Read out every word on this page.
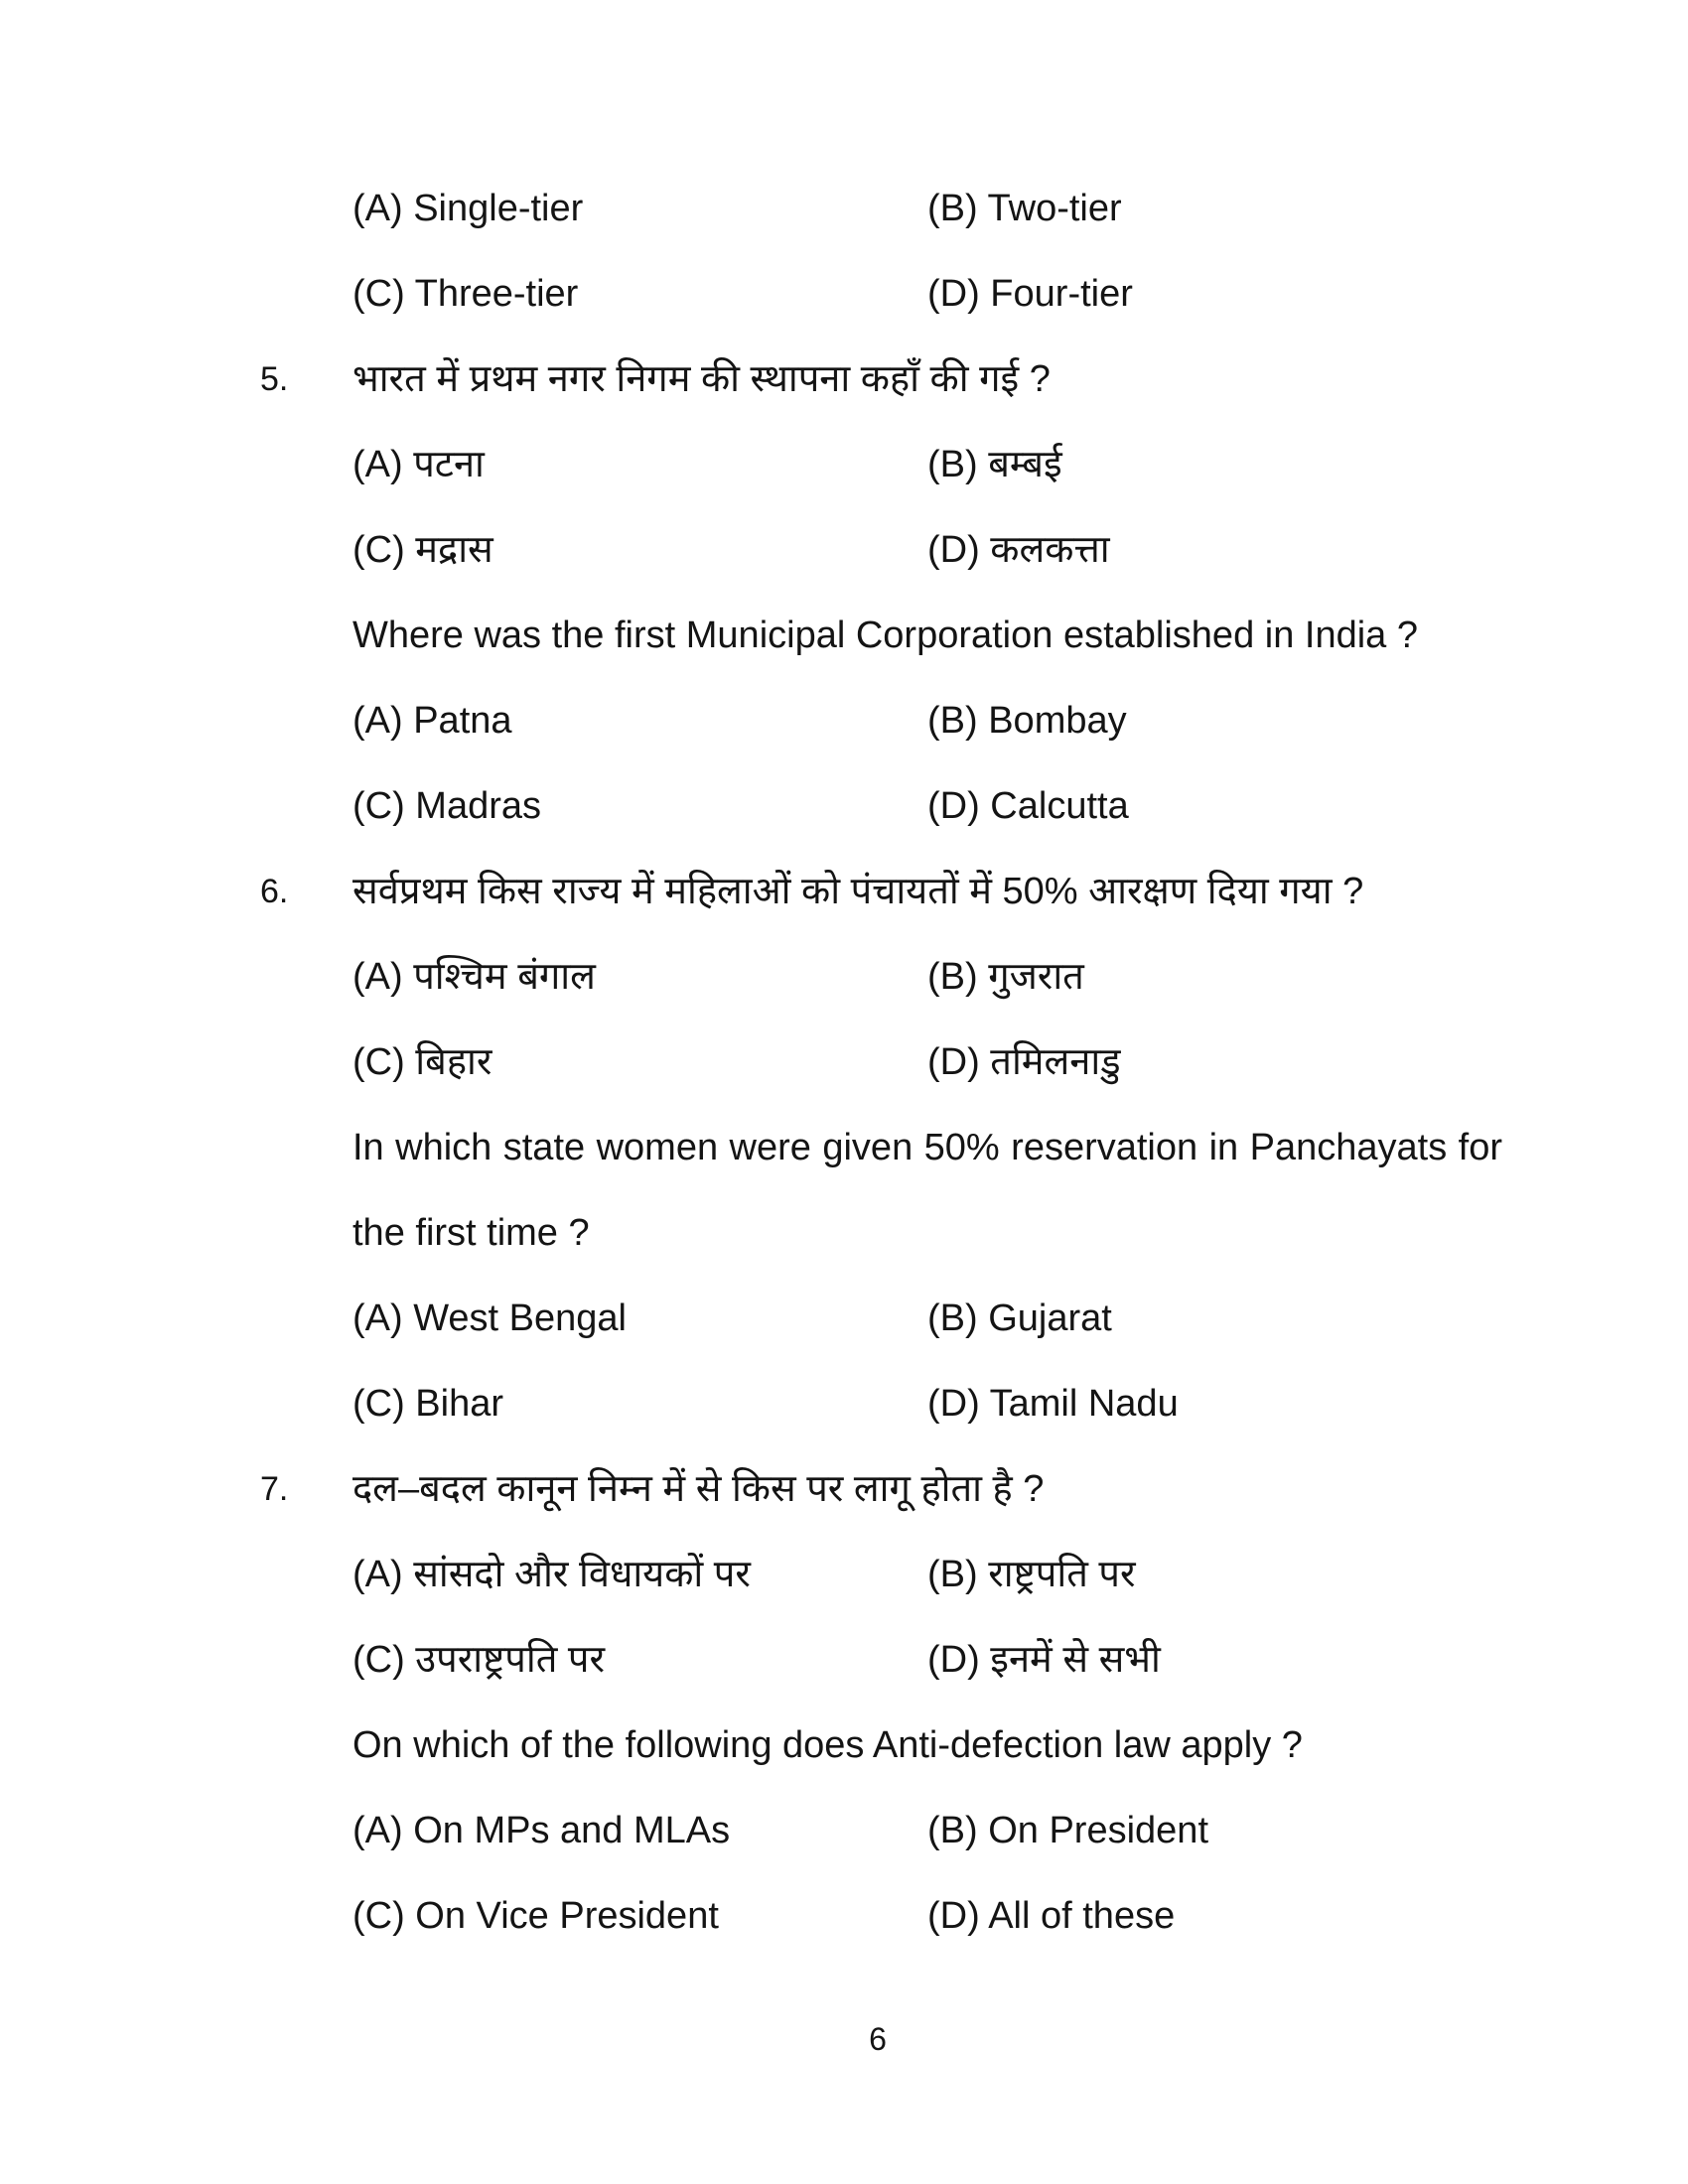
(A) Single-tier	(B) Two-tier
(C) Three-tier	(D) Four-tier
5. भारत में प्रथम नगर निगम की स्थापना कहाँ की गई ?
(A) पटना	(B) बम्बई
(C) मद्रास	(D) कलकत्ता
Where was the first Municipal Corporation established in India ?
(A) Patna	(B) Bombay
(C) Madras	(D) Calcutta
6. सर्वप्रथम किस राज्य में महिलाओं को पंचायतों में 50% आरक्षण दिया गया ?
(A) पश्चिम बंगाल	(B) गुजरात
(C) बिहार	(D) तमिलनाडु
In which state women were given 50% reservation in Panchayats for
the first time ?
(A) West Bengal	(B) Gujarat
(C) Bihar	(D) Tamil Nadu
7. दल–बदल कानून निम्न में से किस पर लागू होता है ?
(A) सांसदो और विधायकों पर	(B) राष्ट्रपति पर
(C) उपराष्ट्रपति पर	(D) इनमें से सभी
On which of the following does Anti-defection law apply ?
(A) On MPs and MLAs	(B) On President
(C) On Vice President	(D) All of these
6
